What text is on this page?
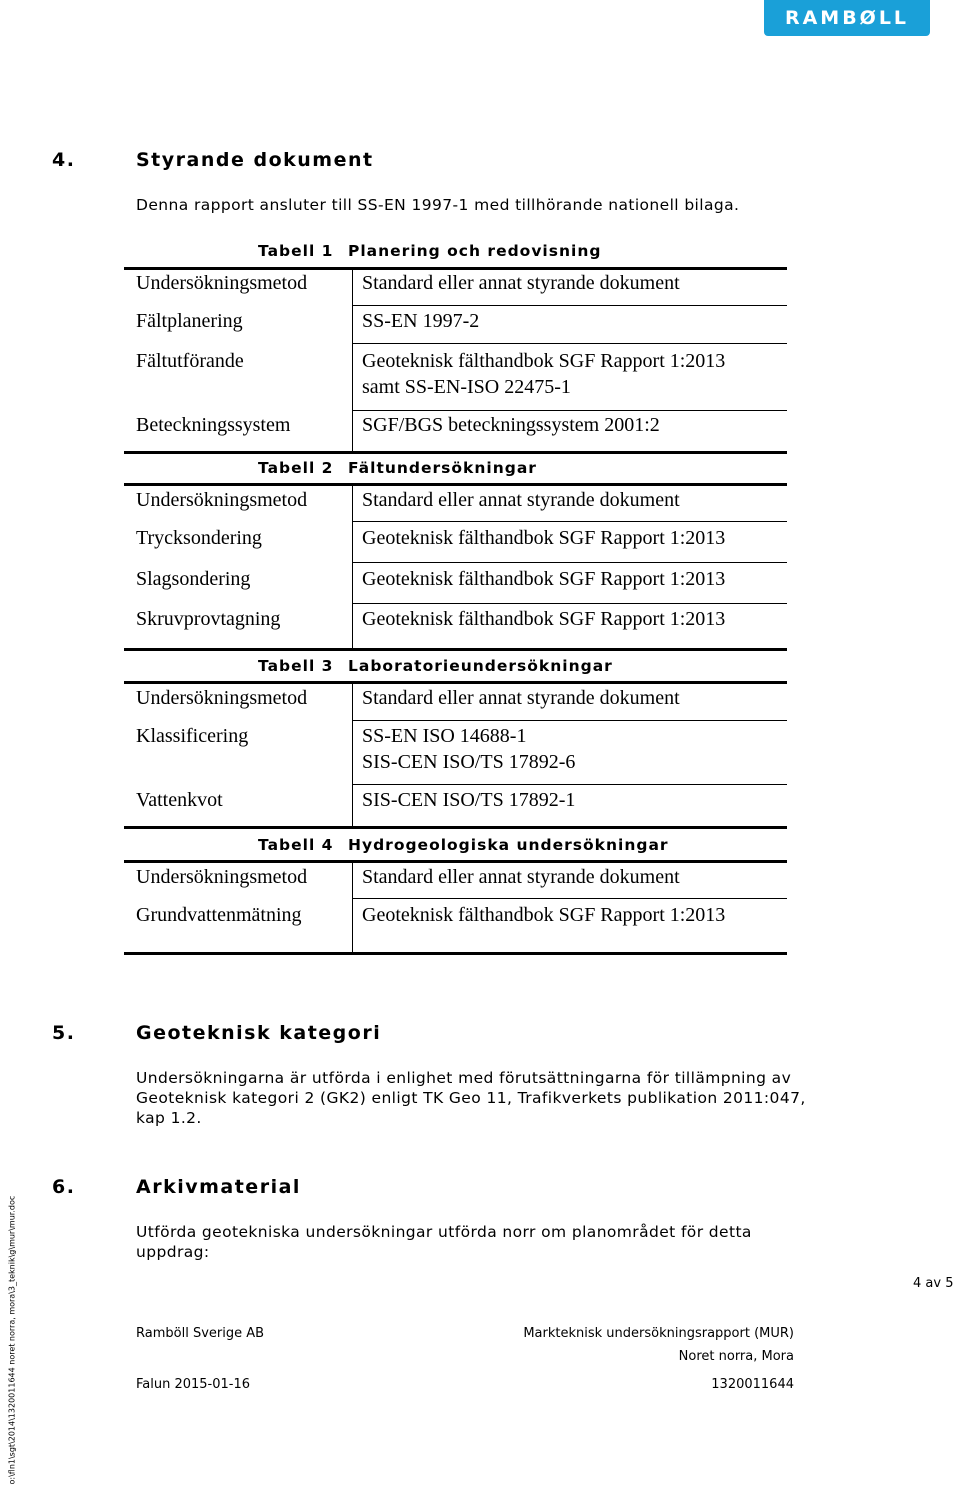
RAMBØLL
4.	Styrande dokument
Denna rapport ansluter till SS-EN 1997-1 med tillhörande nationell bilaga.
Tabell 1 Planering och redovisning
Undersökningsmetod	Standard eller annat styrande dokument
Fältplanering	SS-EN 1997-2
Fältutförande	Geoteknisk fälthandbok SGF Rapport 1:2013
samt SS-EN-ISO 22475-1
Beteckningssystem	SGF/BGS beteckningssystem 2001:2
Tabell 2 Fältundersökningar
Undersökningsmetod	Standard eller annat styrande dokument
Trycksondering	Geoteknisk fälthandbok SGF Rapport 1:2013
Slagsondering	Geoteknisk fälthandbok SGF Rapport 1:2013
Skruvprovtagning	Geoteknisk fälthandbok SGF Rapport 1:2013
Tabell 3 Laboratorieundersökningar
Undersökningsmetod	Standard eller annat styrande dokument
Klassificering	SS-EN ISO 14688-1
SIS-CEN ISO/TS 17892-6
Vattenkvot	SIS-CEN ISO/TS 17892-1
Tabell 4 Hydrogeologiska undersökningar
Undersökningsmetod	Standard eller annat styrande dokument
Grundvattenmätning	Geoteknisk fälthandbok SGF Rapport 1:2013
5.	Geoteknisk kategori
Undersökningarna är utförda i enlighet med förutsättningarna för tillämpning av Geoteknisk kategori 2 (GK2) enligt TK Geo 11, Trafikverkets publikation 2011:047, kap 1.2.
6.	Arkivmaterial
Utförda geotekniska undersökningar utförda norr om planområdet för detta uppdrag:
4 av 5
Ramböll Sverige AB	Markteknisk undersökningsrapport (MUR)
Noret norra, Mora
Falun 2015-01-16	1320011644
o:\fln1\sgt\2014\1320011644 noret norra, mora\3_teknik\g\mur\mur.doc
